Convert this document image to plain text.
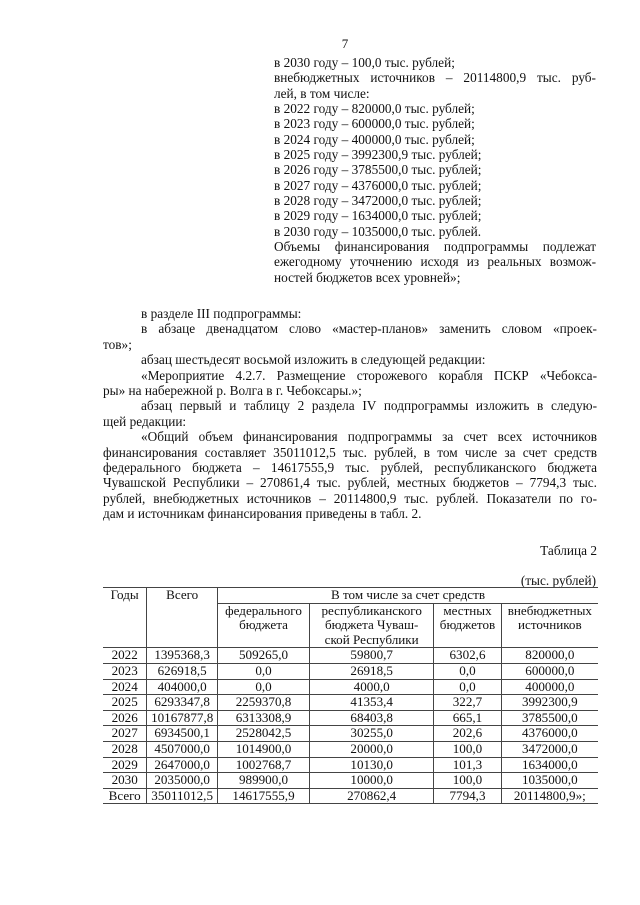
7
в 2030 году – 100,0 тыс. рублей;
внебюджетных источников – 20114800,9 тыс. руб-
лей, в том числе:
в 2022 году – 820000,0 тыс. рублей;
в 2023 году – 600000,0 тыс. рублей;
в 2024 году – 400000,0 тыс. рублей;
в 2025 году – 3992300,9 тыс. рублей;
в 2026 году – 3785500,0 тыс. рублей;
в 2027 году – 4376000,0 тыс. рублей;
в 2028 году – 3472000,0 тыс. рублей;
в 2029 году – 1634000,0 тыс. рублей;
в 2030 году – 1035000,0 тыс. рублей.
Объемы финансирования подпрограммы подлежат
ежегодному уточнению исходя из реальных возмож-
ностей бюджетов всех уровней»;
в разделе III подпрограммы:
в абзаце двенадцатом слово «мастер-планов» заменить словом «проек-
тов»;
абзац шестьдесят восьмой изложить в следующей редакции:
«Мероприятие 4.2.7. Размещение сторожевого корабля ПСКР «Чебокса-
ры» на набережной р. Волга в г. Чебоксары.»;
абзац первый и таблицу 2 раздела IV подпрограммы изложить в следую-
щей редакции:
«Общий объем финансирования подпрограммы за счет всех источников
финансирования составляет 35011012,5 тыс. рублей, в том числе за счет средств
федерального бюджета – 14617555,9 тыс. рублей, республиканского бюджета
Чувашской Республики – 270861,4 тыс. рублей, местных бюджетов – 7794,3 тыс.
рублей, внебюджетных источников – 20114800,9 тыс. рублей. Показатели по го-
дам и источникам финансирования приведены в табл. 2.
Таблица 2
(тыс. рублей)
Годы	Всего	В том числе за счет средств			

федерального
бюджета

республиканского
бюджета Чуваш-
ской Республики

местных
бюджетов

внебюджетных
источников

2022	1395368,3	509265,0	59800,7	6302,6	820000,0
2023	626918,5	0,0	26918,5	0,0	600000,0
2024	404000,0	0,0	4000,0	0,0	400000,0
2025	6293347,8	2259370,8	41353,4	322,7	3992300,9
2026	10167877,8	6313308,9	68403,8	665,1	3785500,0
2027	6934500,1	2528042,5	30255,0	202,6	4376000,0
2028	4507000,0	1014900,0	20000,0	100,0	3472000,0
2029	2647000,0	1002768,7	10130,0	101,3	1634000,0
2030	2035000,0	989900,0	10000,0	100,0	1035000,0
Всего	35011012,5	14617555,9	270862,4	7794,3	20114800,9»;
